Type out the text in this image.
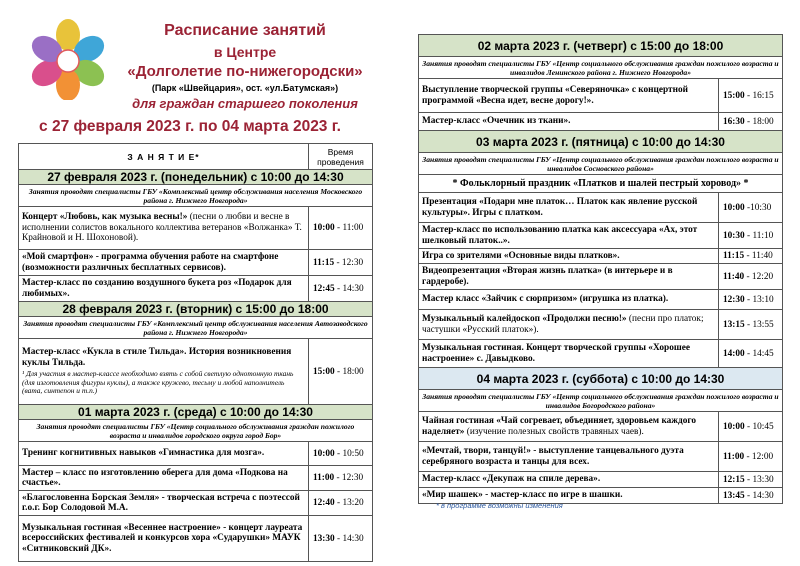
Расписание занятий
в Центре
«Долголетие по-нижегородски»
(Парк «Швейцария», ост. «ул.Батумская»)
для граждан старшего поколения
с 27 февраля 2023 г. по 04 марта 2023 г.
З А Н Я Т И Е*	Время проведения
27 февраля 2023 г. (понедельник) с 10:00 до 14:30	
Занятия проводят специалисты ГБУ «Комплексный центр обслуживания населения Московского района г. Нижнего Новгорода»	
Концерт «Любовь, как музыка весны!» (песни о любви и весне в исполнении солистов вокального коллектива ветеранов «Волжанка» Т. Крайновой и Н. Шохоновой).	10:00 - 11:00
«Мой смартфон» - программа обучения работе на смартфоне (возможности различных бесплатных сервисов).	11:15 - 12:30
Мастер-класс по созданию воздушного букета роз «Подарок для любимых».	12:45 - 14:30
28 февраля 2023 г. (вторник) с 15:00 до 18:00	
Занятия проводят специалисты ГБУ «Комплексный центр обслуживания населения Автозаводского района г. Нижнего Новгорода»	
Мастер-класс «Кукла в стиле Тильда». История возникновения куклы Тильда.
¹ Для участия в мастер-классе необходимо взять с собой светлую однотонную ткань (для изготовления фигуры куклы), а также кружево, тесьму и любой наполнитель (вата, синтепон и т.п.)	15:00 - 18:00
01 марта 2023 г. (среда) с 10:00 до 14:30	
Занятия проводят специалисты ГБУ «Центр социального обслуживания граждан пожилого возраста и инвалидов городского округа город Бор»	
Тренинг когнитивных навыков «Гимнастика для мозга».	10:00 - 10:50
Мастер – класс по изготовлению оберега для дома «Подкова на счастье».	11:00 - 12:30
«Благословенна Борская Земля» - творческая встреча с поэтессой г.о.г. Бор Солодовой М.А.	12:40 - 13:20
Музыкальная гостиная «Весеннее настроение» - концерт лауреата всероссийских фестивалей и конкурсов хора «Сударушки» МАУК «Ситниковский ДК».	13:30 - 14:30
02 марта 2023 г. (четверг) с 15:00 до 18:00	
Занятия проводят специалисты ГБУ «Центр социального обслуживания граждан пожилого возраста и инвалидов Ленинского района г. Нижнего Новгорода»	
Выступление творческой группы «Северяночка» с концертной программой «Весна идет, весне дорогу!».	15:00 - 16:15
Мастер-класс «Очечник из ткани».	16:30 - 18:00
03 марта 2023 г. (пятница) с 10:00 до 14:30	
Занятия проводят специалисты ГБУ «Центр социального обслуживания граждан пожилого возраста и инвалидов Сосновского района»	
* Фольклорный праздник «Платков и шалей пестрый хоровод» *	
Презентация «Подари мне платок… Платок как явление русской культуры». Игры с платком.	10:00 -10:30
Мастер-класс по использованию платка как аксессуара «Ах, этот шелковый платок..».	10:30 - 11:10
Игра со зрителями «Основные виды платков».	11:15 - 11:40
Видеопрезентация «Вторая жизнь платка» (в интерьере и в гардеробе).	11:40 - 12:20
Мастер класс «Зайчик с сюрпризом» (игрушка из платка).	12:30 - 13:10
Музыкальный калейдоскоп «Продолжи песню!» (песни про платок; частушки «Русский платок»).	13:15 - 13:55
Музыкальная гостиная. Концерт творческой группы «Хорошее настроение» с. Давыдково.	14:00 - 14:45
04 марта 2023 г. (суббота) с 10:00 до 14:30	
Занятия проводят специалисты ГБУ «Центр социального обслуживания граждан пожилого возраста и инвалидов Богородского района»	
Чайная гостиная «Чай согревает, объединяет, здоровьем каждого наделяет» (изучение полезных свойств травяных чаев).	10:00 - 10:45
«Мечтай, твори, танцуй!» - выступление танцевального дуэта серебряного возраста и танцы для всех.	11:00 - 12:00
Мастер-класс «Декупаж на спиле дерева».	12:15 - 13:30
«Мир шашек» - мастер-класс по игре в шашки.	13:45 - 14:30
* в программе возможны изменения
